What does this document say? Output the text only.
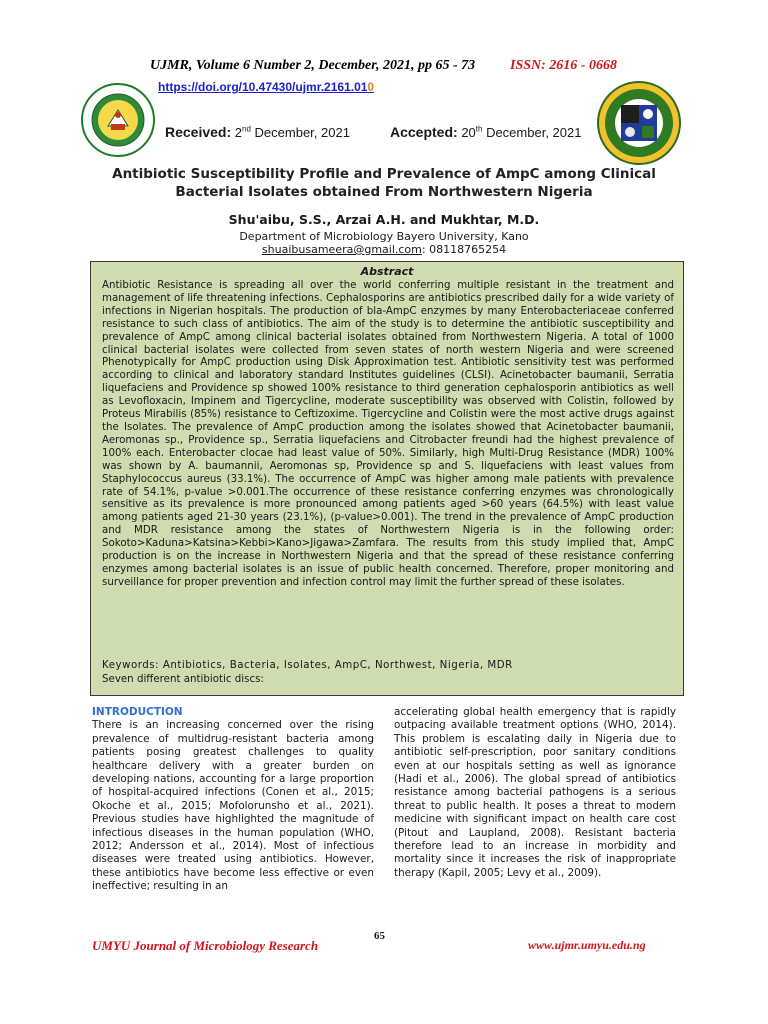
UJMR, Volume 6 Number 2, December, 2021, pp 65 - 73 ISSN: 2616 - 0668
https://doi.org/10.47430/ujmr.2161.010
Received: 2nd December, 2021	Accepted: 20th December, 2021
Antibiotic Susceptibility Profile and Prevalence of AmpC among Clinical
Bacterial Isolates obtained From Northwestern Nigeria
Shu'aibu, S.S., Arzai A.H. and Mukhtar, M.D.
Department of Microbiology Bayero University, Kano
shuaibusameera@gmail.com: 08118765254
Abstract
Antibiotic Resistance is spreading all over the world conferring multiple resistant in the treatment and management of life threatening infections. Cephalosporins are antibiotics prescribed daily for a wide variety of infections in Nigerian hospitals. The production of bla-AmpC enzymes by many Enterobacteriaceae conferred resistance to such class of antibiotics. The aim of the study is to determine the antibiotic susceptibility and prevalence of AmpC among clinical bacterial isolates obtained from Northwestern Nigeria. A total of 1000 clinical bacterial isolates were collected from seven states of north western Nigeria and were screened Phenotypically for AmpC production using Disk Approximation test. Antibiotic sensitivity test was performed according to clinical and laboratory standard Institutes guidelines (CLSI). Acinetobacter baumanii, Serratia liquefaciens and Providence sp showed 100% resistance to third generation cephalosporin antibiotics as well as Levofloxacin, Impinem and Tigercycline, moderate susceptibility was observed with Colistin, followed by Proteus Mirabilis (85%) resistance to Ceftizoxime. Tigercycline and Colistin were the most active drugs against the Isolates. The prevalence of AmpC production among the isolates showed that Acinetobacter baumanii, Aeromonas sp., Providence sp., Serratia liquefaciens and Citrobacter freundi had the highest prevalence of 100% each. Enterobacter clocae had least value of 50%. Similarly, high Multi-Drug Resistance (MDR) 100% was shown by A. baumannii, Aeromonas sp, Providence sp and S. liquefaciens with least values from Staphylococcus aureus (33.1%). The occurrence of AmpC was higher among male patients with prevalence rate of 54.1%, p-value >0.001.The occurrence of these resistance conferring enzymes was chronologically sensitive as its prevalence is more pronounced among patients aged >60 years (64.5%) with least value among patients aged 21-30 years (23.1%), (p-value>0.001). The trend in the prevalence of AmpC production and MDR resistance among the states of Northwestern Nigeria is in the following order: Sokoto>Kaduna>Katsina>Kebbi>Kano>Jigawa>Zamfara. The results from this study implied that, AmpC production is on the increase in Northwestern Nigeria and that the spread of these resistance conferring enzymes among bacterial isolates is an issue of public health concerned. Therefore, proper monitoring and surveillance for proper prevention and infection control may limit the further spread of these isolates.
Keywords: Antibiotics, Bacteria, Isolates, AmpC, Northwest, Nigeria, MDR
Seven different antibiotic discs:
INTRODUCTION
There is an increasing concerned over the rising prevalence of multidrug-resistant bacteria among patients posing greatest challenges to quality healthcare delivery with a greater burden on developing nations, accounting for a large proportion of hospital-acquired infections (Conen et al., 2015; Okoche et al., 2015; Mofolorunsho et al., 2021). Previous studies have highlighted the magnitude of infectious diseases in the human population (WHO, 2012; Andersson et al., 2014). Most of infectious diseases were treated using antibiotics. However, these antibiotics have become less effective or even ineffective; resulting in an
accelerating global health emergency that is rapidly outpacing available treatment options (WHO, 2014). This problem is escalating daily in Nigeria due to antibiotic self-prescription, poor sanitary conditions even at our hospitals setting as well as ignorance (Hadi et al., 2006). The global spread of antibiotics resistance among bacterial pathogens is a serious threat to public health. It poses a threat to modern medicine with significant impact on health care cost (Pitout and Laupland, 2008). Resistant bacteria therefore lead to an increase in morbidity and mortality since it increases the risk of inappropriate therapy (Kapil, 2005; Levy et al., 2009).
65
UMYU Journal of Microbiology Research	www.ujmr.umyu.edu.ng
